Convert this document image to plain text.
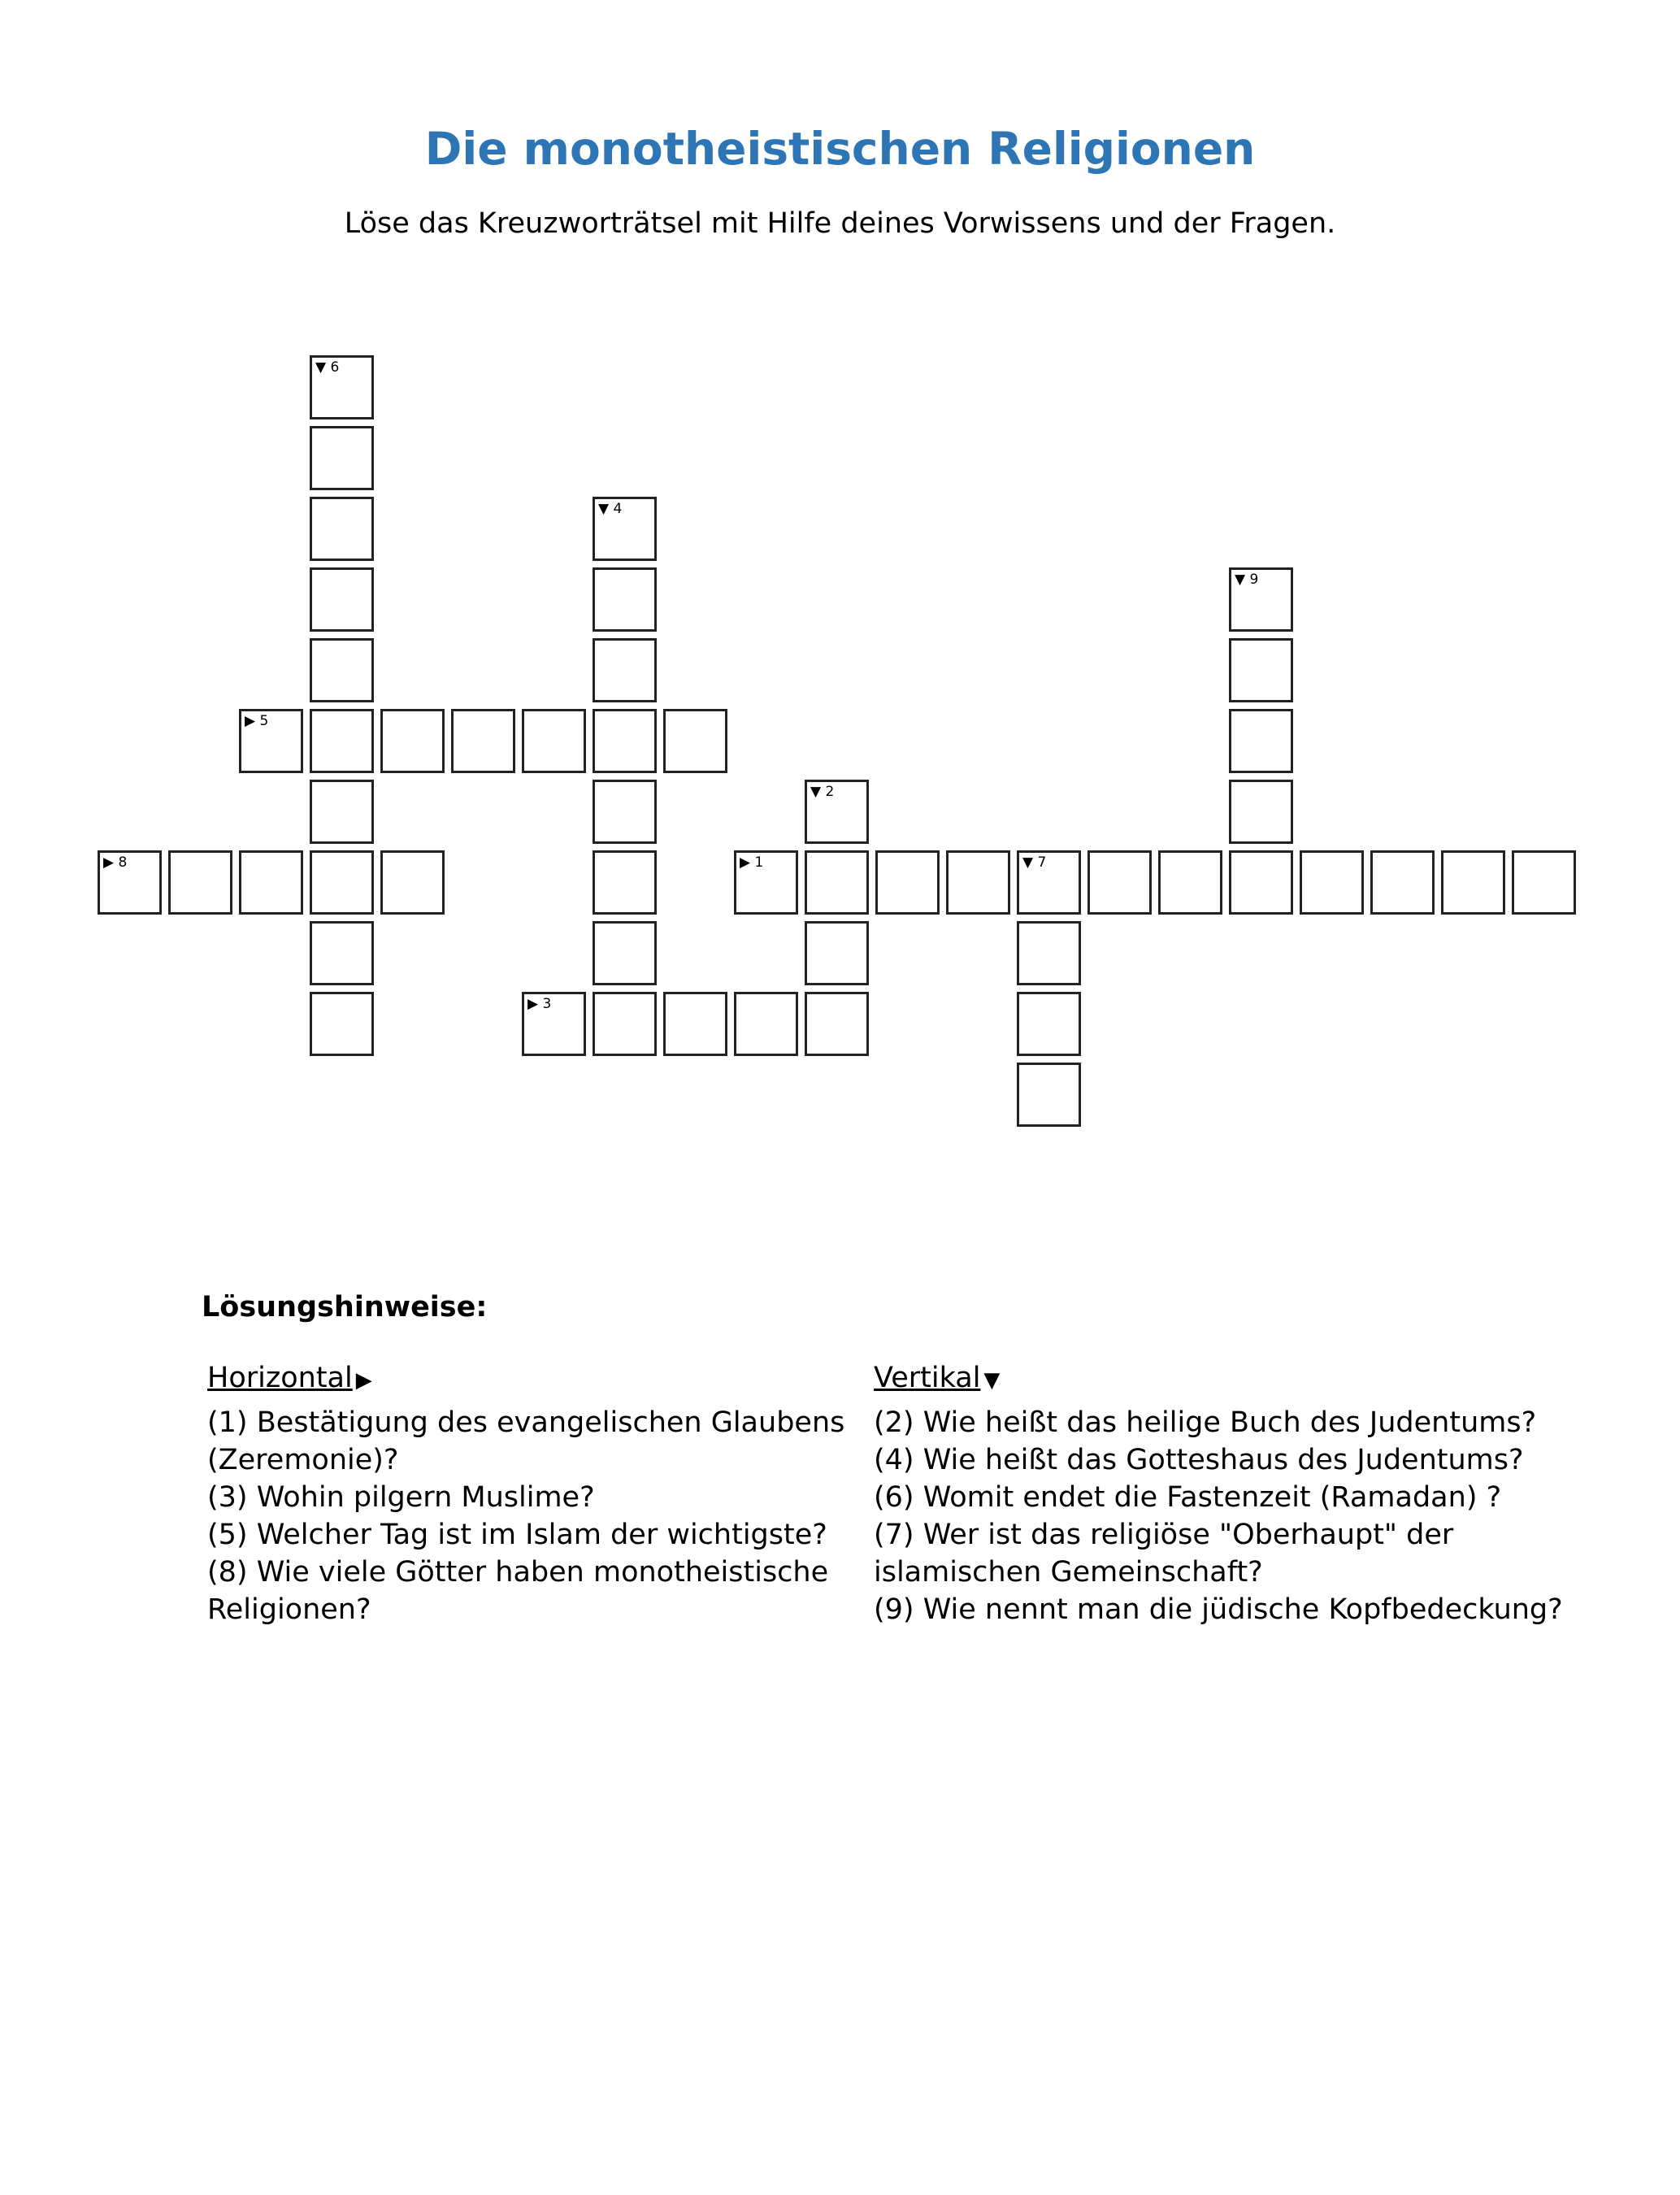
Die monotheistischen Religionen
Löse das Kreuzworträtsel mit Hilfe deines Vorwissens und der Fragen.
▶ 1	▼ 7
▼ 2
▶ 3
▼ 4
▶ 5
▼ 6
▶ 8
▼ 9
Lösungshinweise:
Horizontal ▶
(1) Bestätigung des evangelischen Glaubens
(Zeremonie)?
(3) Wohin pilgern Muslime?
(5) Welcher Tag ist im Islam der wichtigste?
(8) Wie viele Götter haben monotheistische
Religionen?
Vertikal ▼
(2) Wie heißt das heilige Buch des Judentums?
(4) Wie heißt das Gotteshaus des Judentums?
(6) Womit endet die Fastenzeit (Ramadan) ?
(7) Wer ist das religiöse "Oberhaupt" der
islamischen Gemeinschaft?
(9) Wie nennt man die jüdische Kopfbedeckung?
